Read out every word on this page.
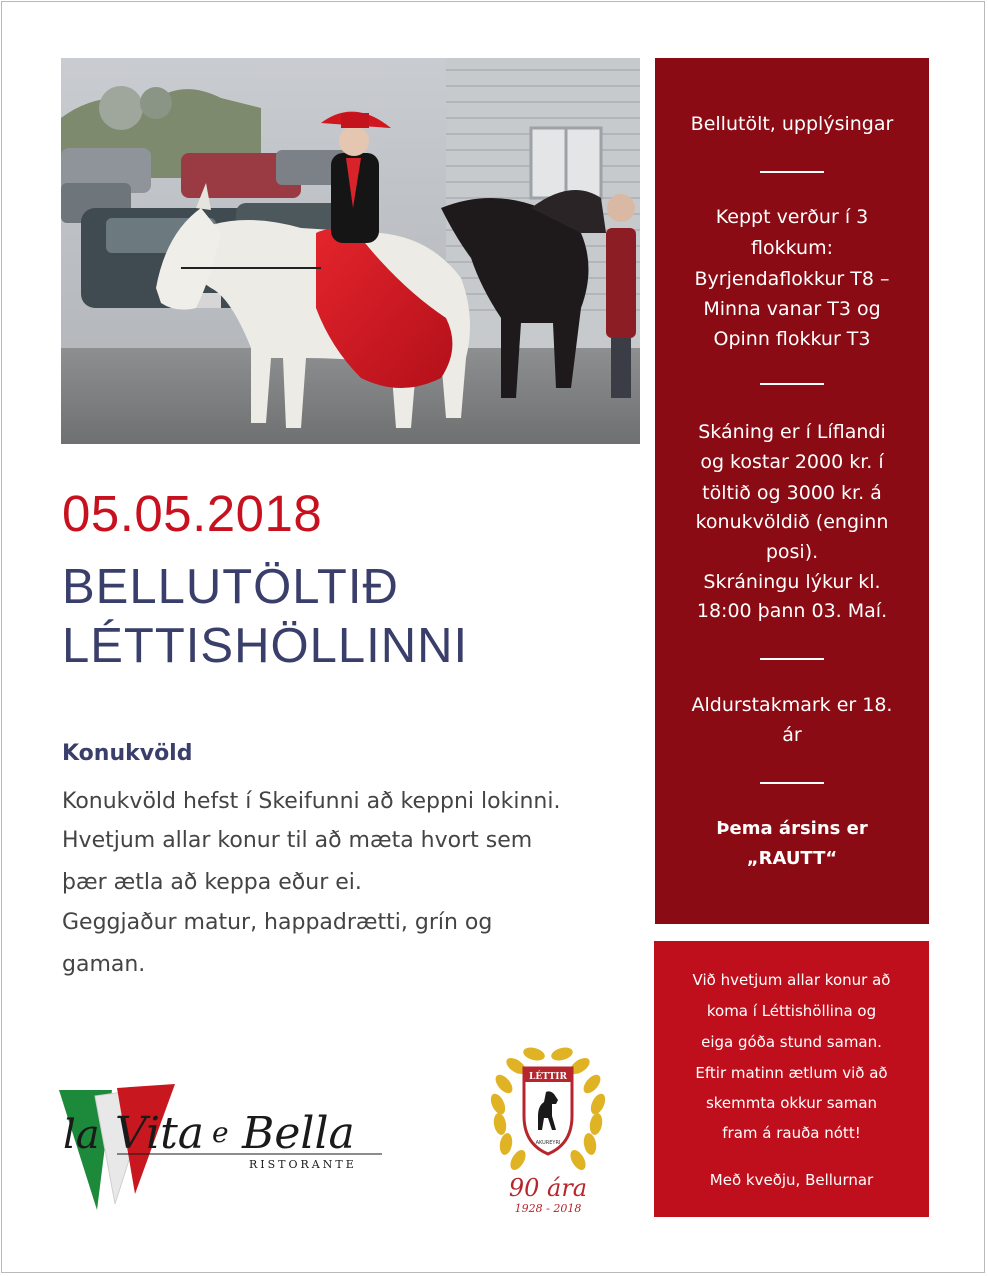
05.05.2018
BELLUTÖLTIÐ
LÉTTISHÖLLINNI
Konukvöld

Konukvöld hefst í Skeifunni að keppni lokinni.

Hvetjum allar konur til að mæta hvort sem

þær ætla að keppa eður ei.

Geggjaður matur, happadrætti, grín og

gaman.

Bellutölt, upplýsingar

Keppt verður í 3

flokkum:

Byrjendaflokkur T8 –

Minna vanar T3 og

Opinn flokkur T3

Skáning er í Líflandi

og kostar 2000 kr. í

töltið og 3000 kr. á

konukvöldið (enginn

posi).

Skráningu lýkur kl.

18:00 þann 03. Maí.

Aldurstakmark er 18.

ár

Þema ársins er

„RAUTT“

Við hvetjum allar konur að

koma í Léttishöllina og

eiga góða stund saman.

Eftir matinn ætlum við að

skemmta okkur saman

fram á rauða nótt!

Með kveðju, Bellurnar

la Vita e Bella
RISTORANTE
LÉTTIR
AKUREYRI
90 ára
1928 - 2018
